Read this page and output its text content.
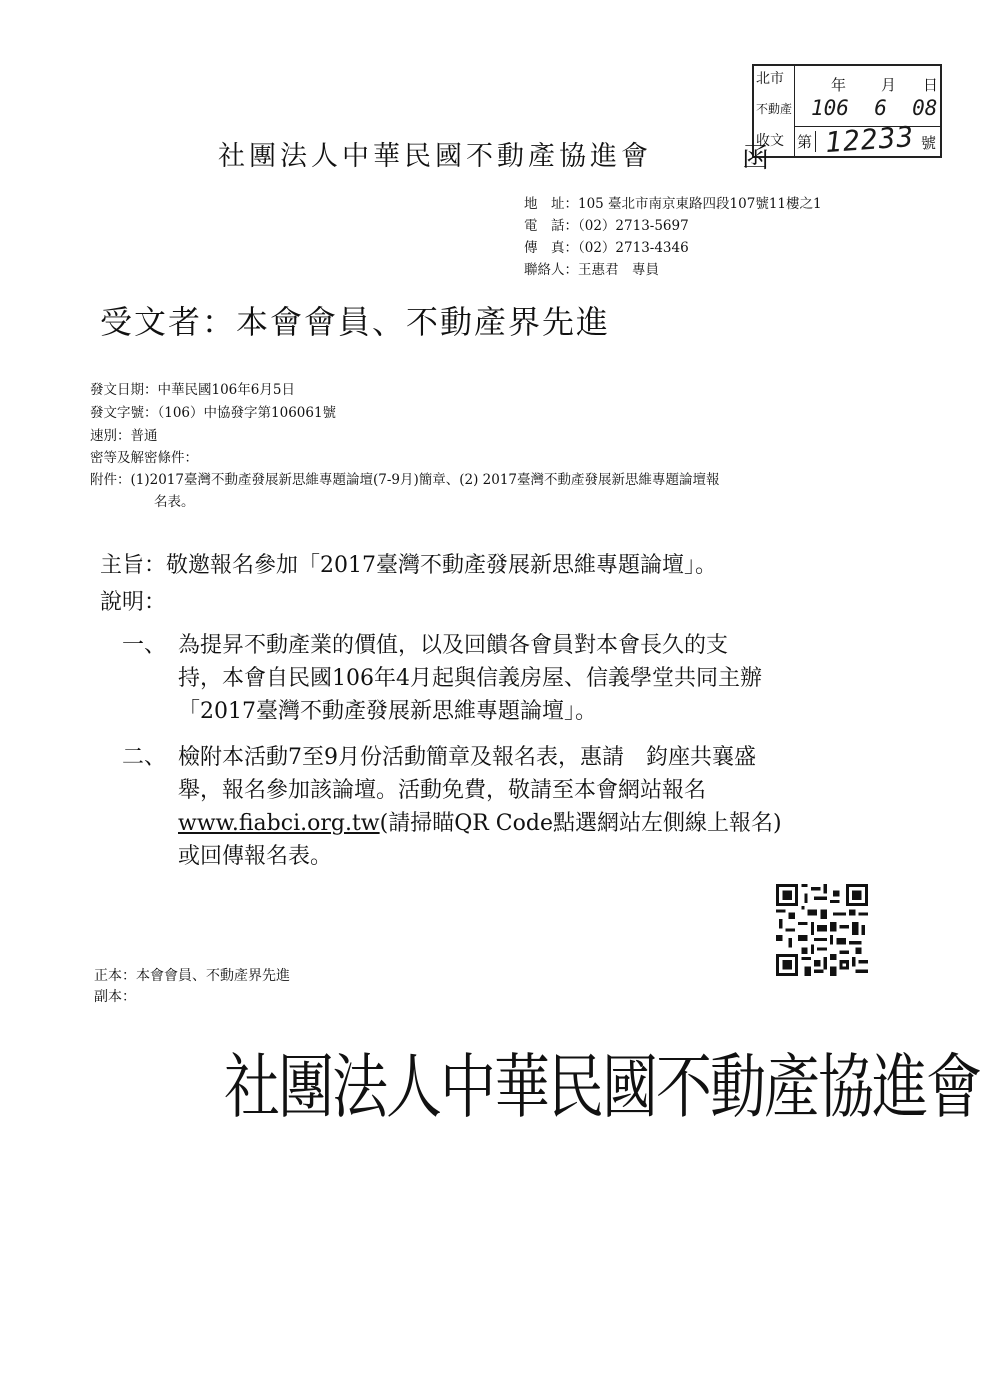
北市
不動產
收文
年 月 日
106  6  08
第 12233 號
社團法人中華民國不動產協進會	函
地　址：105 臺北市南京東路四段107號11樓之1
電　話：（02）2713-5697
傳　真：（02）2713-4346
聯絡人：王惠君　專員
受文者：本會會員、不動產界先進
發文日期：中華民國106年6月5日
發文字號：（106）中協發字第106061號
速別：普通
密等及解密條件：
附件：(1)2017臺灣不動產發展新思維專題論壇(7-9月)簡章、(2) 2017臺灣不動產發展新思維專題論壇報
名表。
主旨：敬邀報名參加「2017臺灣不動產發展新思維專題論壇」。
說明：
一、 為提昇不動產業的價值，以及回饋各會員對本會長久的支
持，本會自民國106年4月起與信義房屋、信義學堂共同主辦
「2017臺灣不動產發展新思維專題論壇」。
二、 檢附本活動7至9月份活動簡章及報名表，惠請　鈞座共襄盛
舉，報名參加該論壇。活動免費，敬請至本會網站報名
www.fiabci.org.tw(請掃瞄QR Code點選網站左側線上報名)
或回傳報名表。
正本：本會會員、不動產界先進
副本：
社團法人中華民國不動產協進會
